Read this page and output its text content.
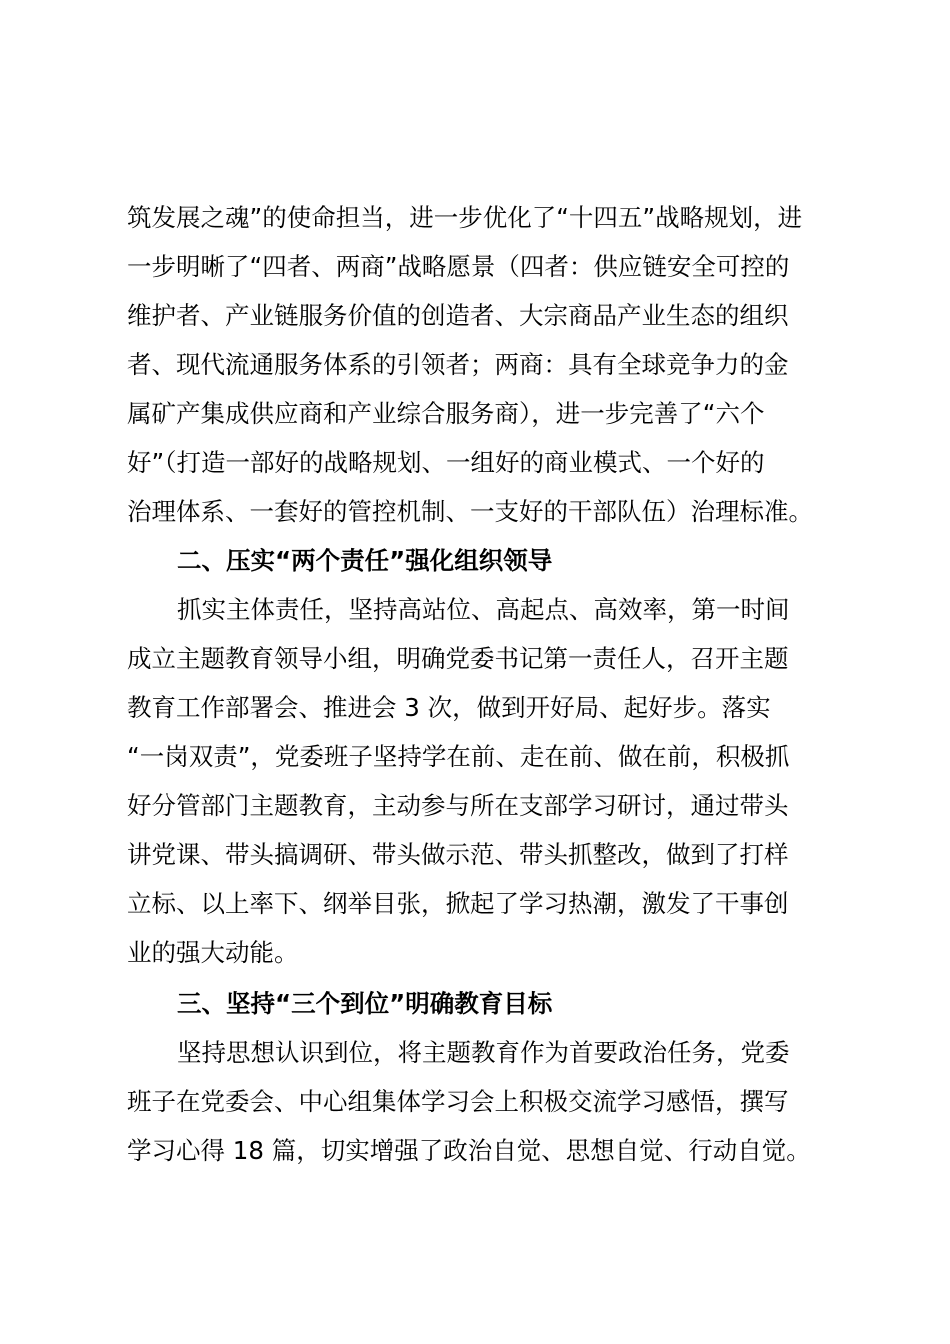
筑发展之魂”的使命担当，进一步优化了“十四五”战略规划，进
一步明晰了“四者、两商”战略愿景（四者：供应链安全可控的
维护者、产业链服务价值的创造者、大宗商品产业生态的组织
者、现代流通服务体系的引领者；两商：具有全球竞争力的金
属矿产集成供应商和产业综合服务商），进一步完善了“六个
好”（打造一部好的战略规划、一组好的商业模式、一个好的
治理体系、一套好的管控机制、一支好的干部队伍）治理标准。
二、压实“两个责任”强化组织领导
抓实主体责任，坚持高站位、高起点、高效率，第一时间
成立主题教育领导小组，明确党委书记第一责任人，召开主题
教育工作部署会、推进会 3 次，做到开好局、起好步。落实
“一岗双责”，党委班子坚持学在前、走在前、做在前，积极抓
好分管部门主题教育，主动参与所在支部学习研讨，通过带头
讲党课、带头搞调研、带头做示范、带头抓整改，做到了打样
立标、以上率下、纲举目张，掀起了学习热潮，激发了干事创
业的强大动能。
三、坚持“三个到位”明确教育目标
坚持思想认识到位，将主题教育作为首要政治任务，党委
班子在党委会、中心组集体学习会上积极交流学习感悟，撰写
学习心得 18 篇，切实增强了政治自觉、思想自觉、行动自觉。
